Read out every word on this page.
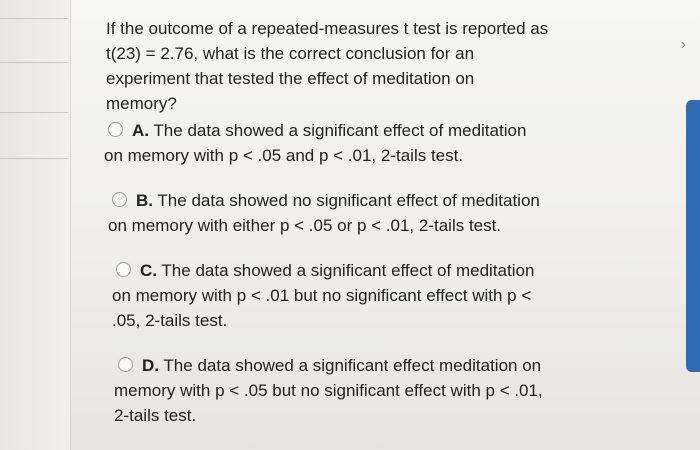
›
If the outcome of a repeated-measures t test is reported as
t(23) = 2.76, what is the correct conclusion for an
experiment that tested the effect of meditation on
memory?
A. The data showed a significant effect of meditation
on memory with p < .05 and p < .01, 2-tails test.
B. The data showed no significant effect of meditation
on memory with either p < .05 or p < .01, 2-tails test.
C. The data showed a significant effect of meditation
on memory with p < .01 but no significant effect with p <
.05, 2-tails test.
D. The data showed a significant effect meditation on
memory with p < .05 but no significant effect with p < .01,
2-tails test.
